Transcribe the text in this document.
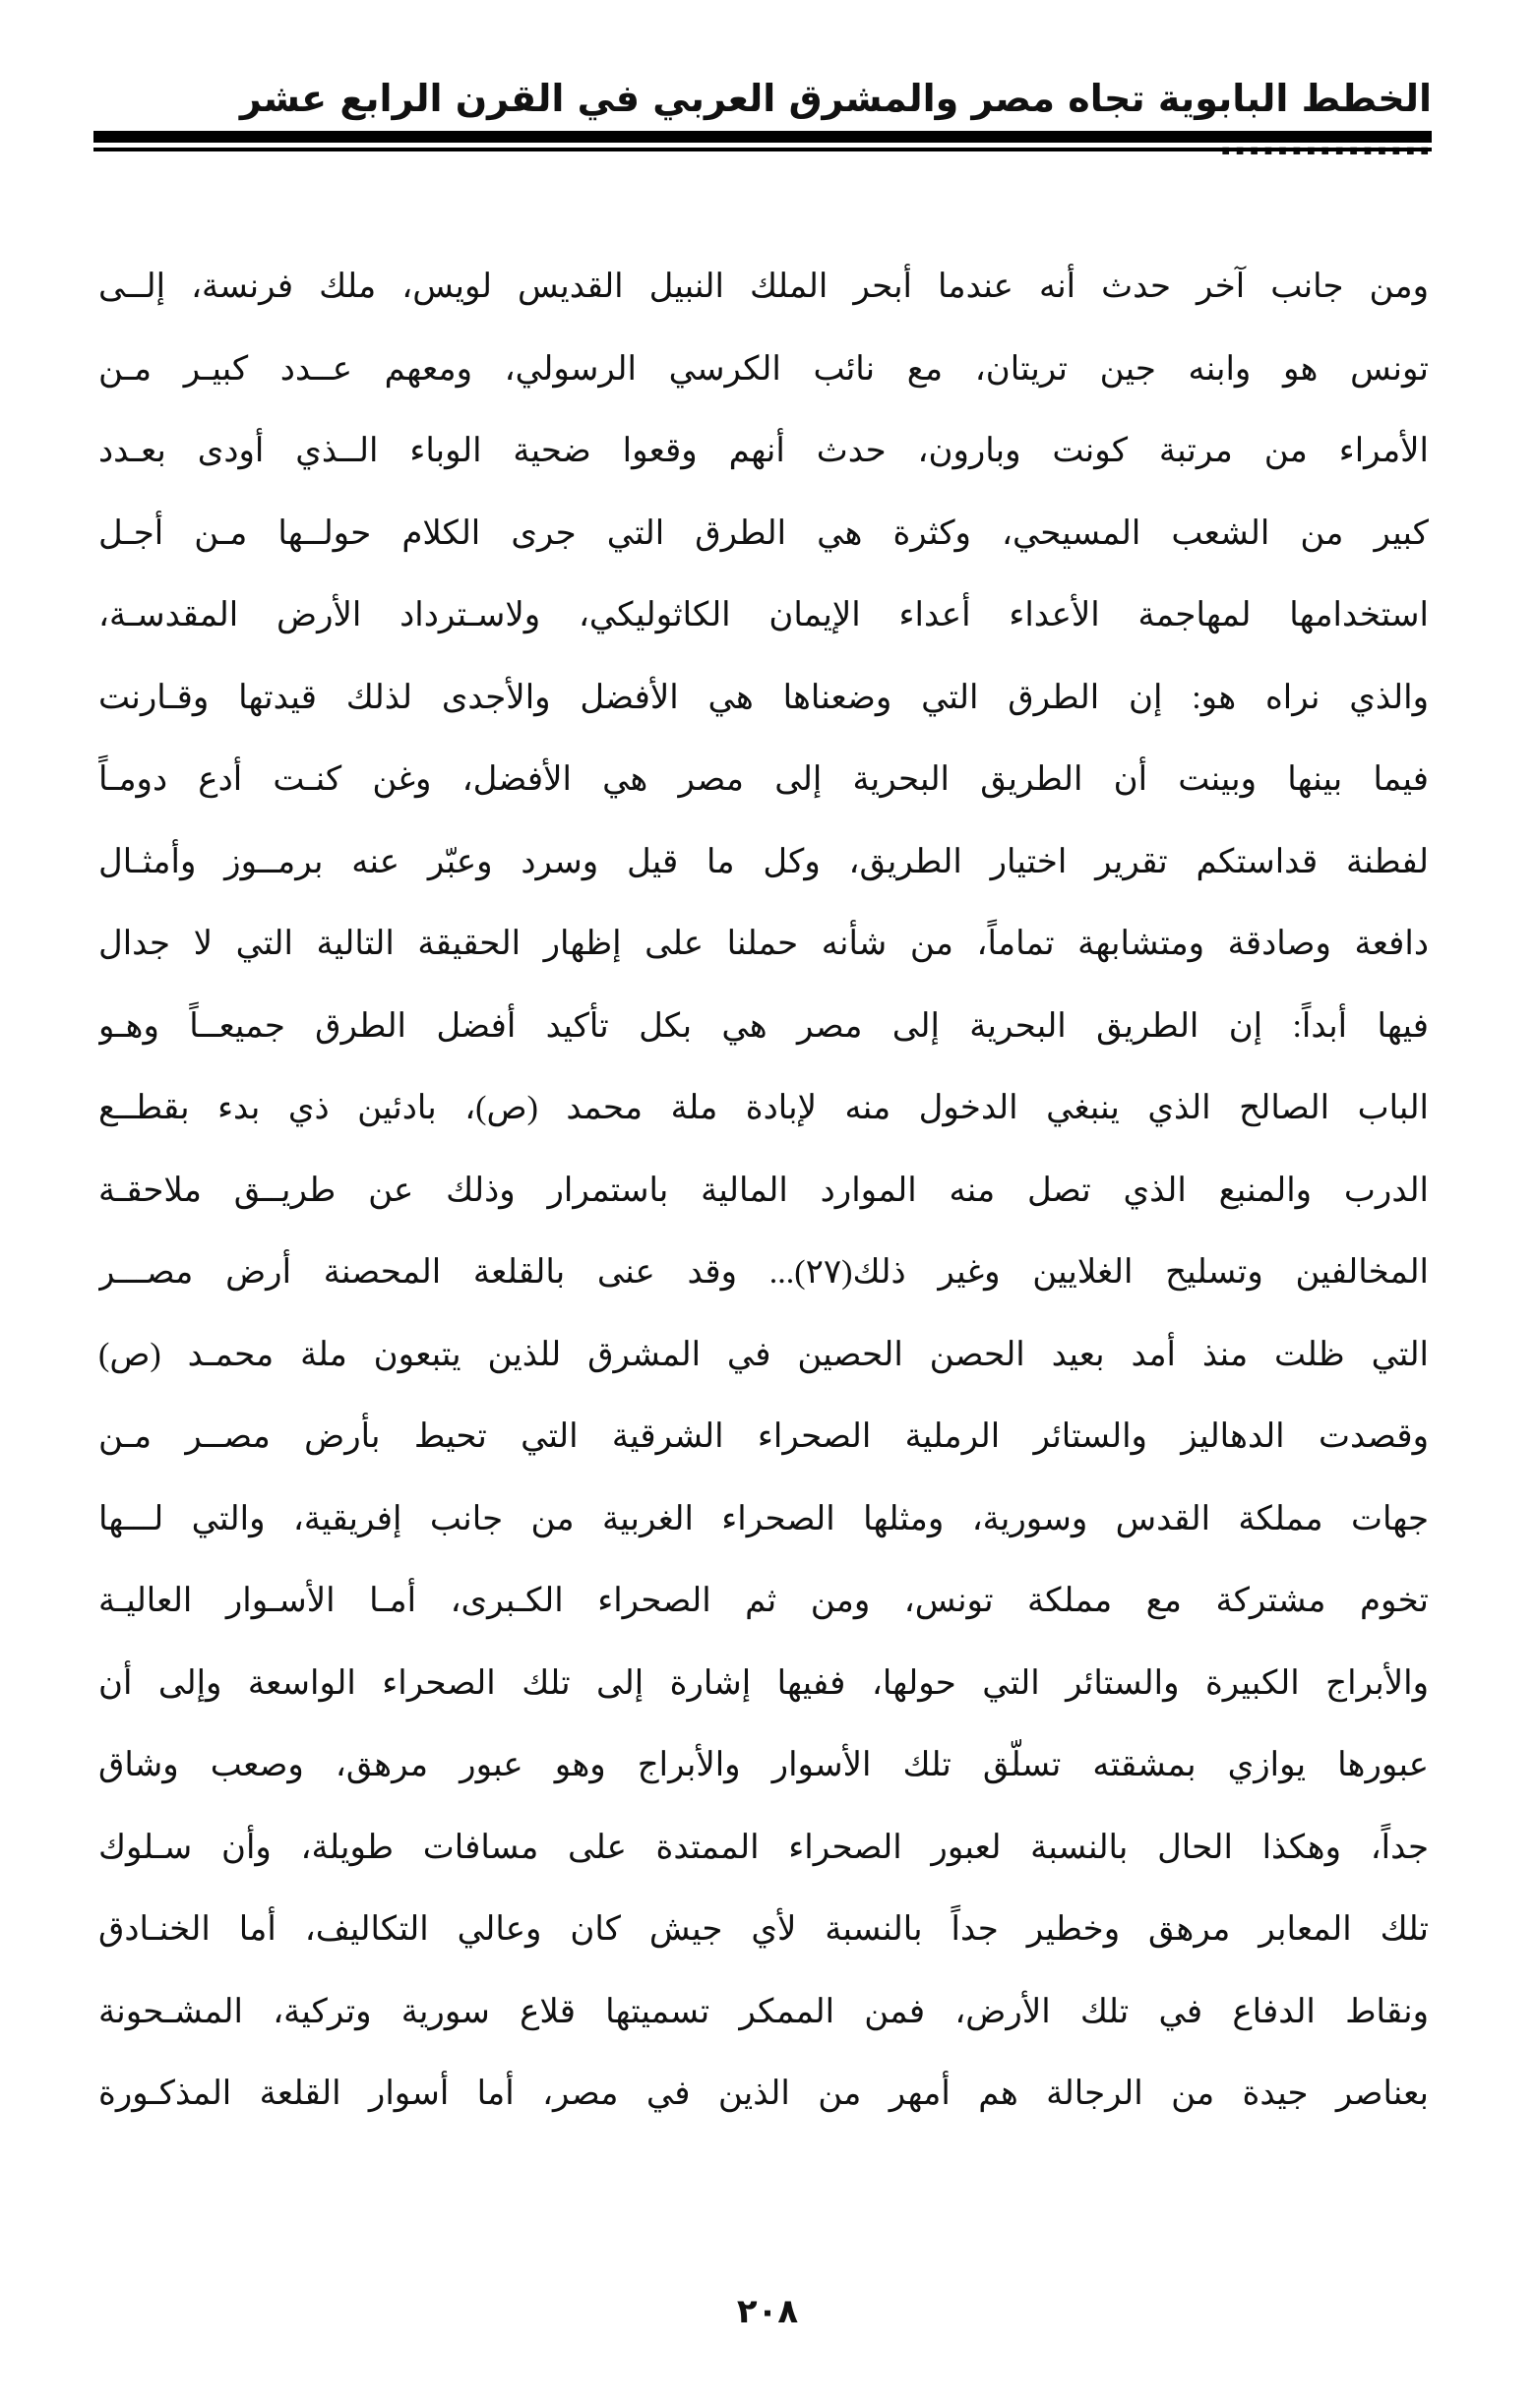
الخطط البابوية تجاه مصر والمشرق العربي في القرن الرابع عشر
ومن جانب آخر حدث أنه عندما أبحر الملك النبيل القديس لويس، ملك فرنسة، إلــى
تونس هو وابنه جين تريتان، مع نائب الكرسي الرسولي، ومعهم عــدد كبيـر مـن
الأمراء من مرتبة كونت وبارون، حدث أنهم وقعوا ضحية الوباء الــذي أودى بعـدد
كبير من الشعب المسيحي، وكثرة هي الطرق التي جرى الكلام حولــها مـن أجـل
استخدامها لمهاجمة الأعداء أعداء الإيمان الكاثوليكي، ولاسـترداد الأرض المقدسـة،
والذي نراه هو: إن الطرق التي وضعناها هي الأفضل والأجدى لذلك قيدتها وقـارنت
فيما بينها وبينت أن الطريق البحرية إلى مصر هي الأفضل، وغن كنـت أدع دومـاً
لفطنة قداستكم تقرير اختيار الطريق، وكل ما قيل وسرد وعبّر عنه برمــوز وأمثـال
دافعة وصادقة ومتشابهة تماماً، من شأنه حملنا على إظهار الحقيقة التالية التي لا جدال
فيها أبداً: إن الطريق البحرية إلى مصر هي بكل تأكيد أفضل الطرق جميعــاً وهـو
الباب الصالح الذي ينبغي الدخول منه لإبادة ملة محمد (ص)، بادئين ذي بدء بقطــع
الدرب والمنبع الذي تصل منه الموارد المالية باستمرار وذلك عن طريــق ملاحقـة
المخالفين وتسليح الغلايين وغير ذلك(٢٧)... وقد عنى بالقلعة المحصنة أرض مصـــر
التي ظلت منذ أمد بعيد الحصن الحصين في المشرق للذين يتبعون ملة محمـد (ص)
وقصدت الدهاليز والستائر الرملية الصحراء الشرقية التي تحيط بأرض مصــر مـن
جهات مملكة القدس وسورية، ومثلها الصحراء الغربية من جانب إفريقية، والتي لـــها
تخوم مشتركة مع مملكة تونس، ومن ثم الصحراء الكـبرى، أمـا الأسـوار العاليـة
والأبراج الكبيرة والستائر التي حولها، ففيها إشارة إلى تلك الصحراء الواسعة وإلى أن
عبورها يوازي بمشقته تسلّق تلك الأسوار والأبراج وهو عبور مرهق، وصعب وشاق
جداً، وهكذا الحال بالنسبة لعبور الصحراء الممتدة على مسافات طويلة، وأن سـلوك
تلك المعابر مرهق وخطير جداً بالنسبة لأي جيش كان وعالي التكاليف، أما الخنـادق
ونقاط الدفاع في تلك الأرض، فمن الممكر تسميتها قلاع سورية وتركية، المشـحونة
بعناصر جيدة من الرجالة هم أمهر من الذين في مصر، أما أسوار القلعة المذكـورة
٢٠٨
